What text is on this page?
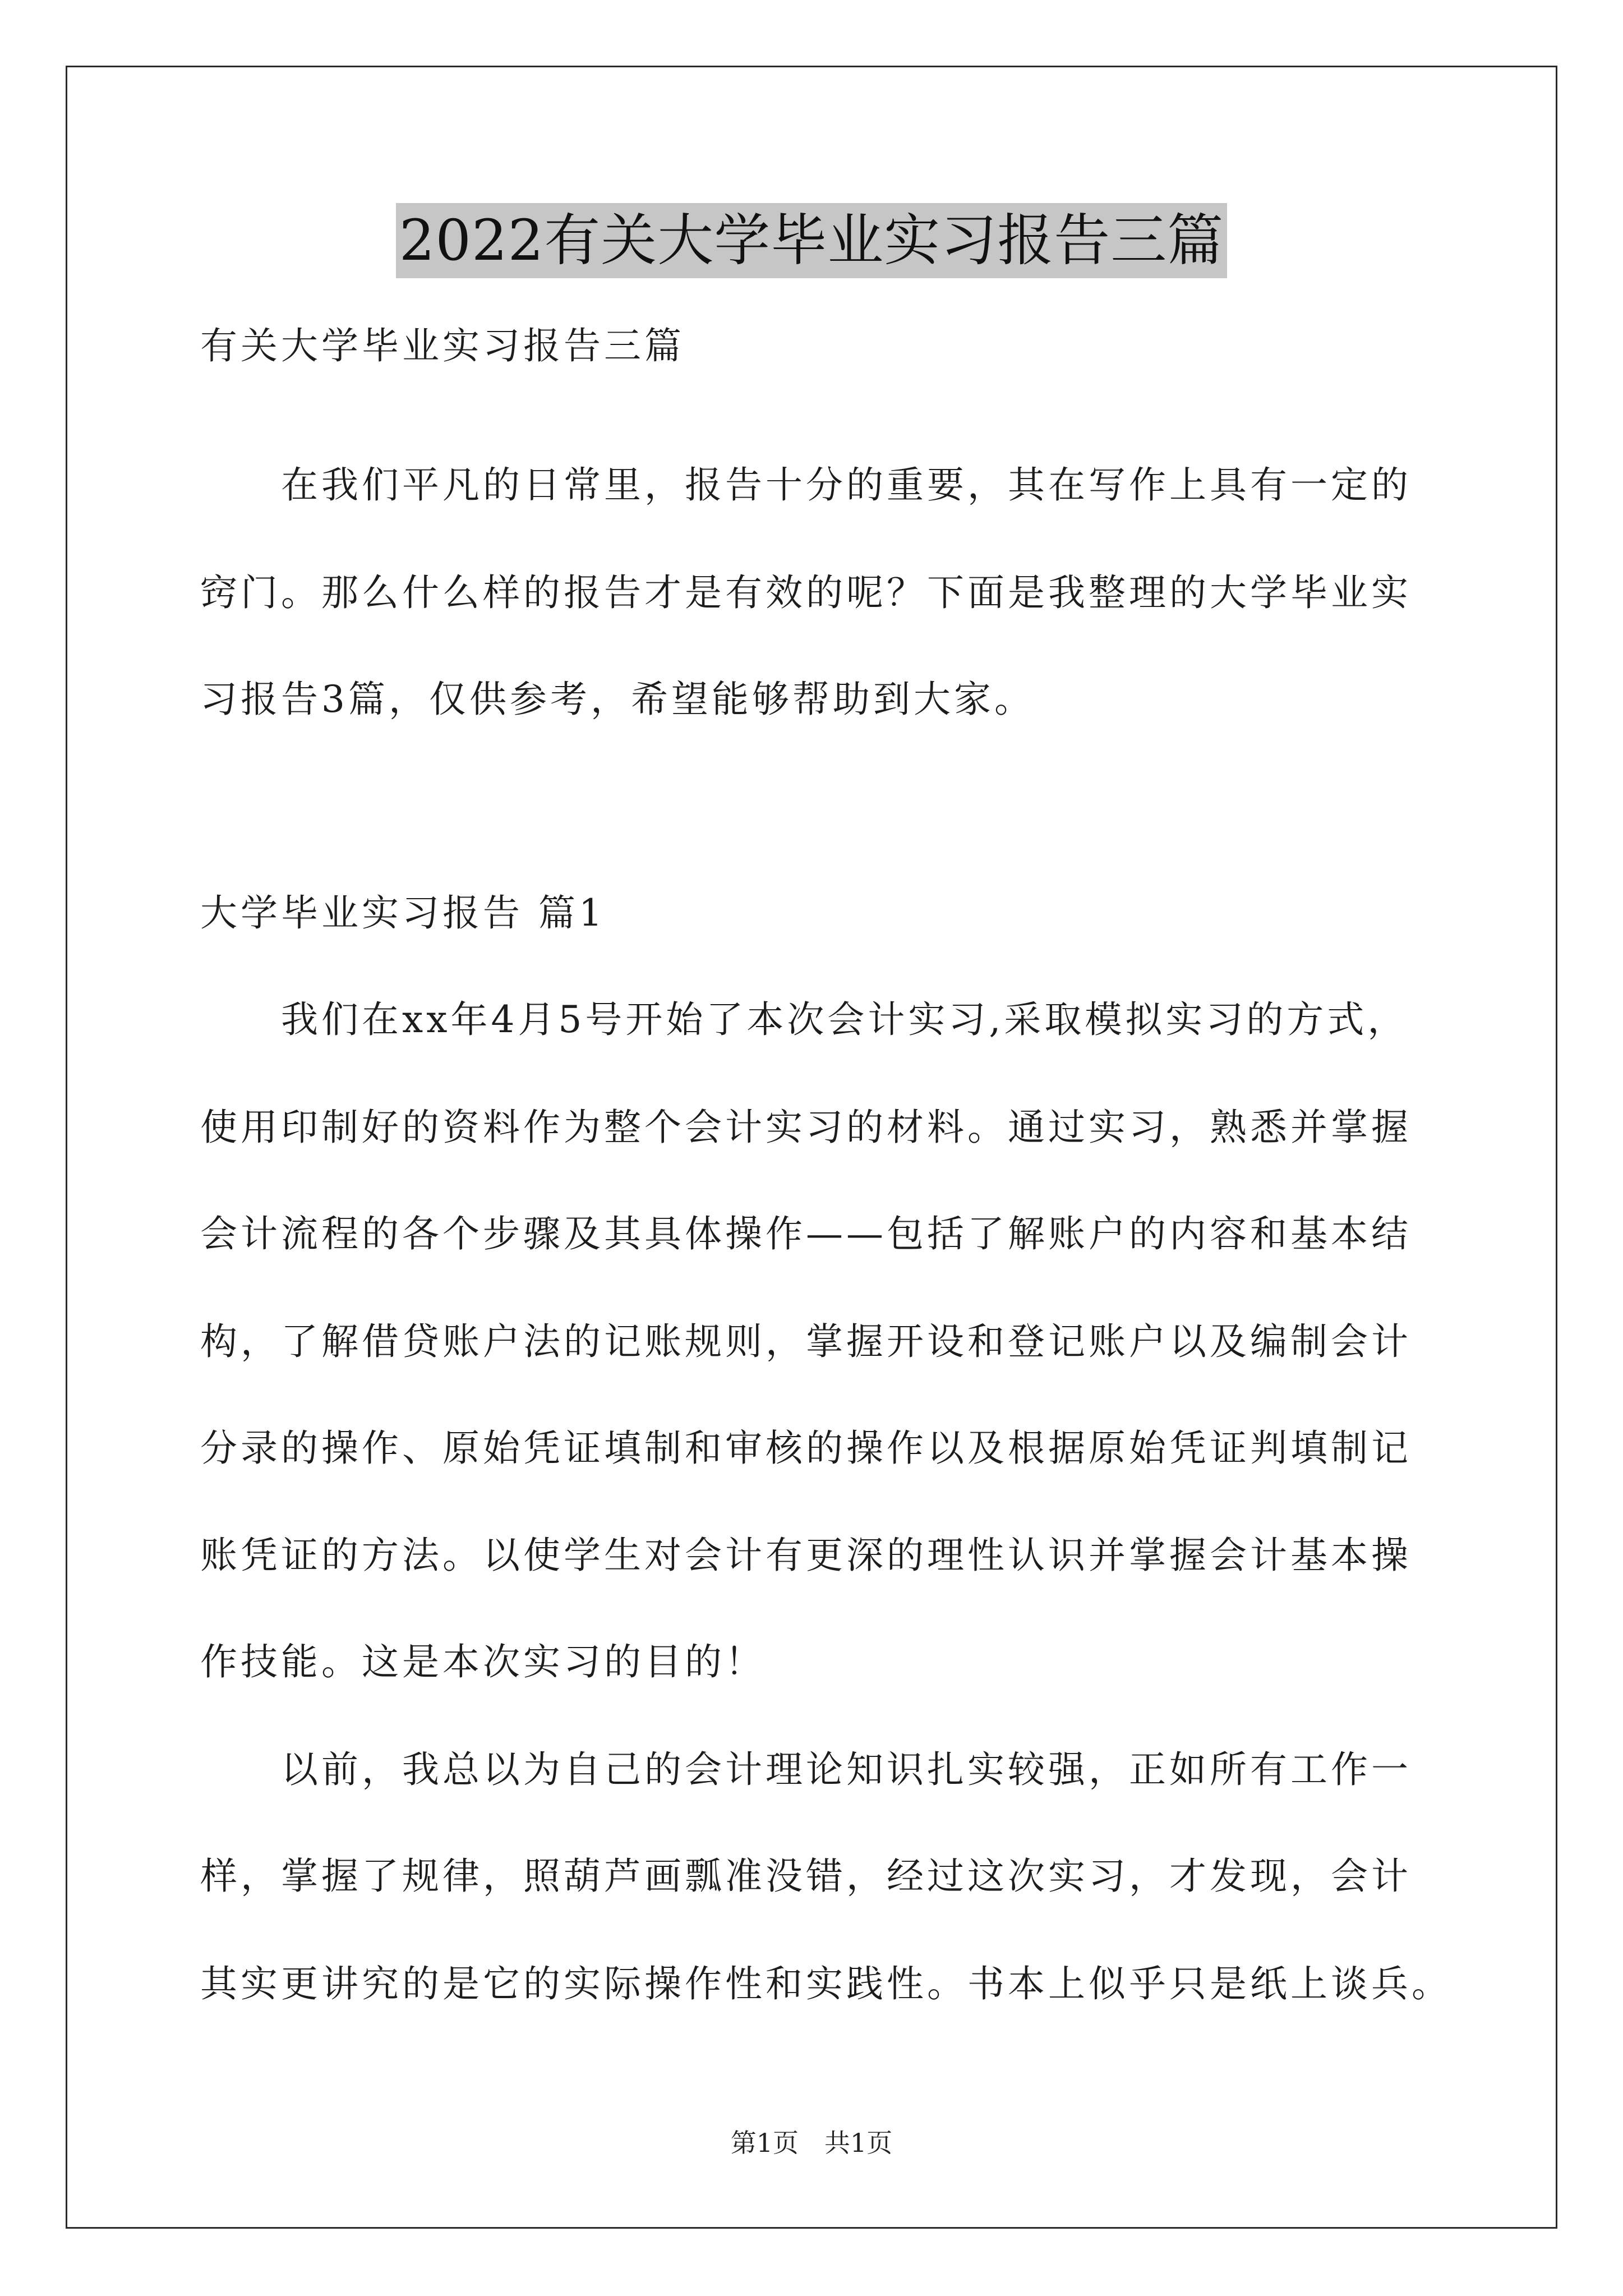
2022有关大学毕业实习报告三篇
有关大学毕业实习报告三篇
　　在我们平凡的日常里，报告十分的重要，其在写作上具有一定的
窍门。那么什么样的报告才是有效的呢？下面是我整理的大学毕业实
习报告3篇，仅供参考，希望能够帮助到大家。
大学毕业实习报告 篇1
　　我们在xx年4月5号开始了本次会计实习,采取模拟实习的方式，
使用印制好的资料作为整个会计实习的材料。通过实习，熟悉并掌握
会计流程的各个步骤及其具体操作——包括了解账户的内容和基本结
构，了解借贷账户法的记账规则，掌握开设和登记账户以及编制会计
分录的操作、原始凭证填制和审核的操作以及根据原始凭证判填制记
账凭证的方法。以使学生对会计有更深的理性认识并掌握会计基本操
作技能。这是本次实习的目的！
　　以前，我总以为自己的会计理论知识扎实较强，正如所有工作一
样，掌握了规律，照葫芦画瓢准没错，经过这次实习，才发现，会计
其实更讲究的是它的实际操作性和实践性。书本上似乎只是纸上谈兵。
第1页　共1页
